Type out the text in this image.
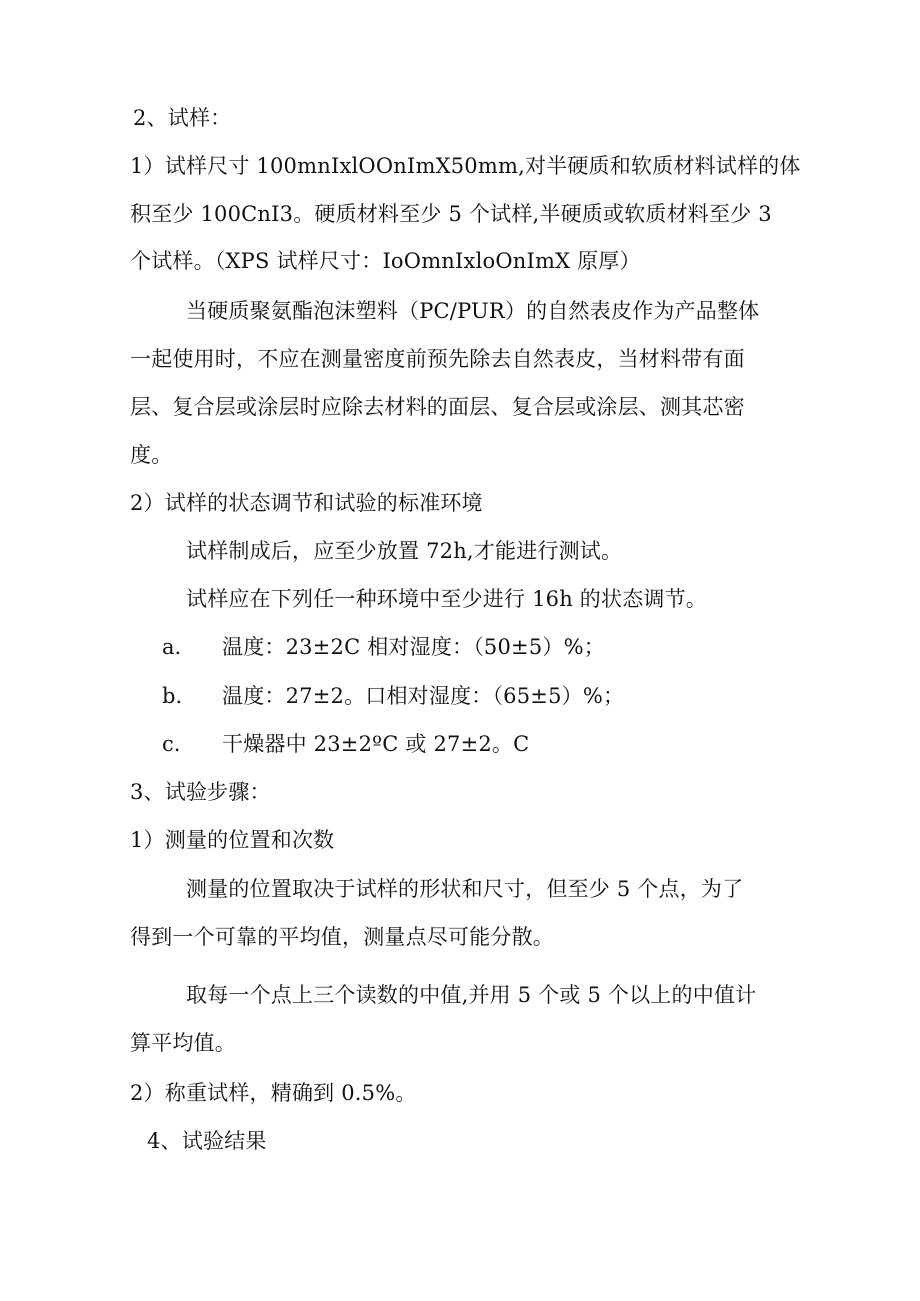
2、试样：
1）试样尺寸 100mnIxlOOnImX50mm,对半硬质和软质材料试样的体
积至少 100CnI3。硬质材料至少 5 个试样,半硬质或软质材料至少 3
个试样。（XPS 试样尺寸：IoOmnIxloOnImX 原厚）
当硬质聚氨酯泡沫塑料（PC/PUR）的自然表皮作为产品整体
一起使用时，不应在测量密度前预先除去自然表皮，当材料带有面
层、复合层或涂层时应除去材料的面层、复合层或涂层、测其芯密
度。
2）试样的状态调节和试验的标准环境
试样制成后，应至少放置 72h,才能进行测试。
试样应在下列任一种环境中至少进行 16h 的状态调节。
a. 温度：23±2C 相对湿度：（50±5）%；
b. 温度：27±2。口相对湿度：（65±5）%；
c. 干燥器中 23±2ºC 或 27±2。C
3、试验步骤：
1）测量的位置和次数
测量的位置取决于试样的形状和尺寸，但至少 5 个点，为了
得到一个可靠的平均值，测量点尽可能分散。
取每一个点上三个读数的中值,并用 5 个或 5 个以上的中值计
算平均值。
2）称重试样，精确到 0.5%。
4、试验结果
